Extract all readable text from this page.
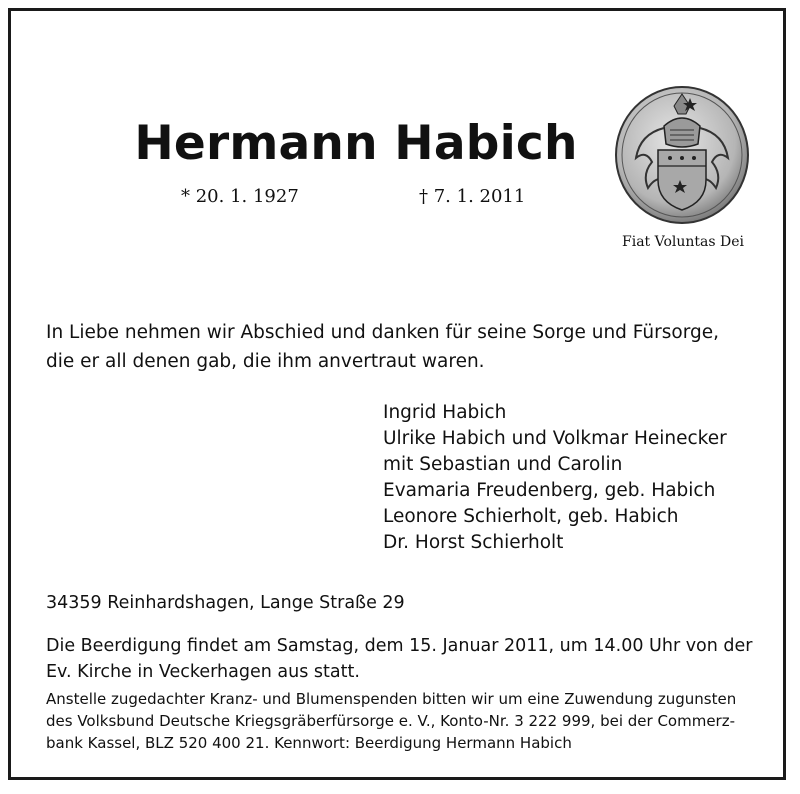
Hermann Habich
* 20. 1. 1927	† 7. 1. 2011
Fiat Voluntas Dei
In Liebe nehmen wir Abschied und danken für seine Sorge und Fürsorge,
die er all denen gab, die ihm anvertraut waren.
Ingrid Habich
Ulrike Habich und Volkmar Heinecker
mit Sebastian und Carolin
Evamaria Freudenberg, geb. Habich
Leonore Schierholt, geb. Habich
Dr. Horst Schierholt
34359 Reinhardshagen, Lange Straße 29
Die Beerdigung findet am Samstag, dem 15. Januar 2011, um 14.00 Uhr von der
Ev. Kirche in Veckerhagen aus statt.
Anstelle zugedachter Kranz- und Blumenspenden bitten wir um eine Zuwendung zugunsten
des Volksbund Deutsche Kriegsgräberfürsorge e. V., Konto-Nr. 3 222 999, bei der Commerz-
bank Kassel, BLZ 520 400 21. Kennwort: Beerdigung Hermann Habich
